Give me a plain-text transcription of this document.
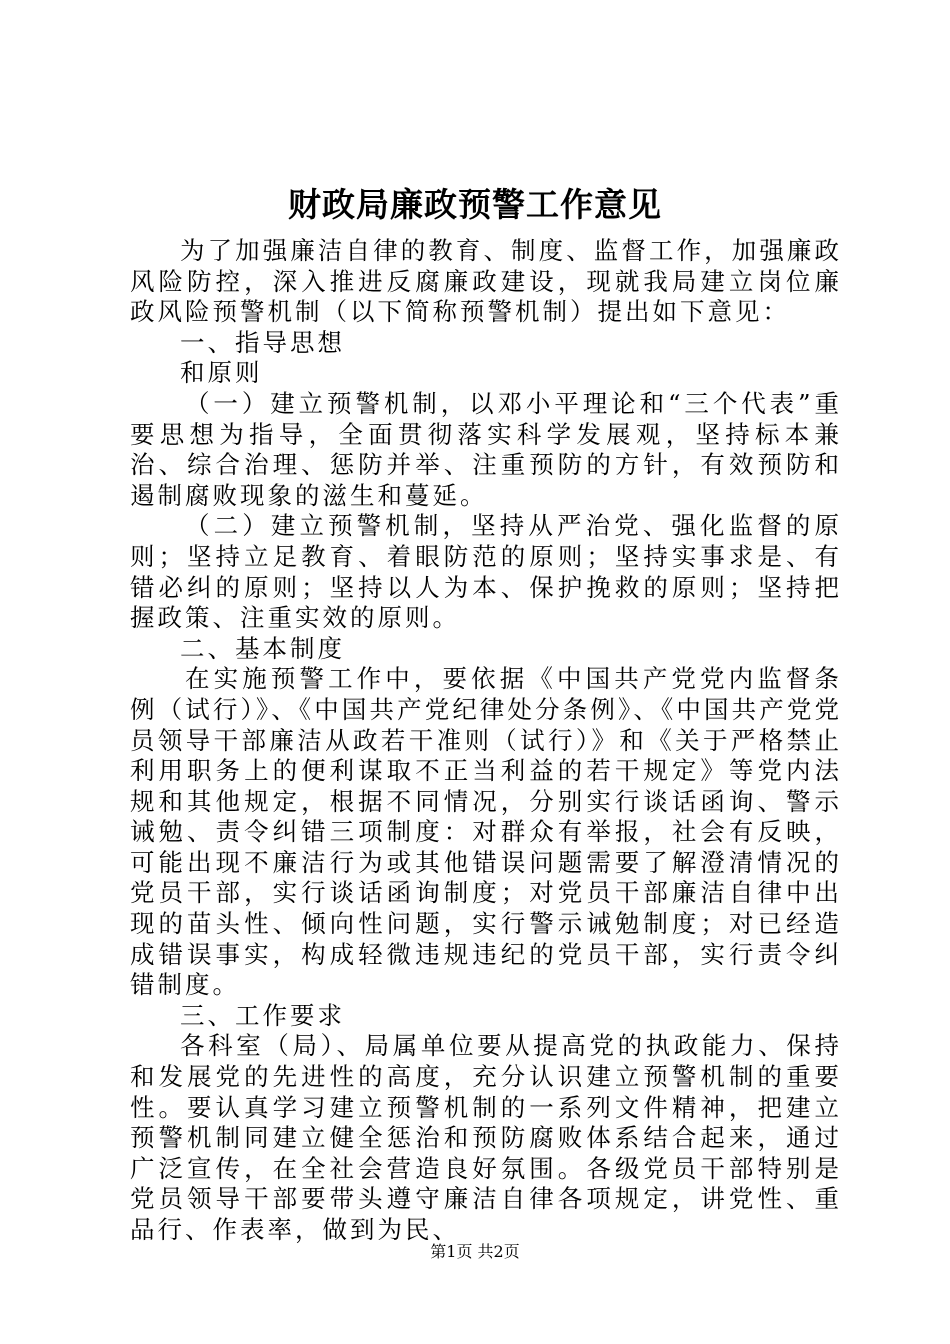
财政局廉政预警工作意见

为了加强廉洁自律的教育、制度、监督工作，加强廉政风险防控，深入推进反腐廉政建设，现就我局建立岗位廉政风险预警机制（以下简称预警机制）提出如下意见：

一、指导思想

和原则

（一）建立预警机制，以邓小平理论和“三个代表”重要思想为指导，全面贯彻落实科学发展观，坚持标本兼治、综合治理、惩防并举、注重预防的方针，有效预防和遏制腐败现象的滋生和蔓延。

（二）建立预警机制，坚持从严治党、强化监督的原则；坚持立足教育、着眼防范的原则；坚持实事求是、有错必纠的原则；坚持以人为本、保护挽救的原则；坚持把握政策、注重实效的原则。

二、基本制度

在实施预警工作中，要依据《中国共产党党内监督条例（试行）》、《中国共产党纪律处分条例》、《中国共产党党员领导干部廉洁从政若干准则（试行）》和《关于严格禁止利用职务上的便利谋取不正当利益的若干规定》等党内法规和其他规定，根据不同情况，分别实行谈话函询、警示诫勉、责令纠错三项制度：对群众有举报，社会有反映，可能出现不廉洁行为或其他错误问题需要了解澄清情况的党员干部，实行谈话函询制度；对党员干部廉洁自律中出现的苗头性、倾向性问题，实行警示诫勉制度；对已经造成错误事实，构成轻微违规违纪的党员干部，实行责令纠错制度。

三、工作要求

各科室（局）、局属单位要从提高党的执政能力、保持和发展党的先进性的高度，充分认识建立预警机制的重要性。要认真学习建立预警机制的一系列文件精神，把建立预警机制同建立健全惩治和预防腐败体系结合起来，通过广泛宣传，在全社会营造良好氛围。各级党员干部特别是党员领导干部要带头遵守廉洁自律各项规定，讲党性、重品行、作表率，做到为民、

第1页 共2页
